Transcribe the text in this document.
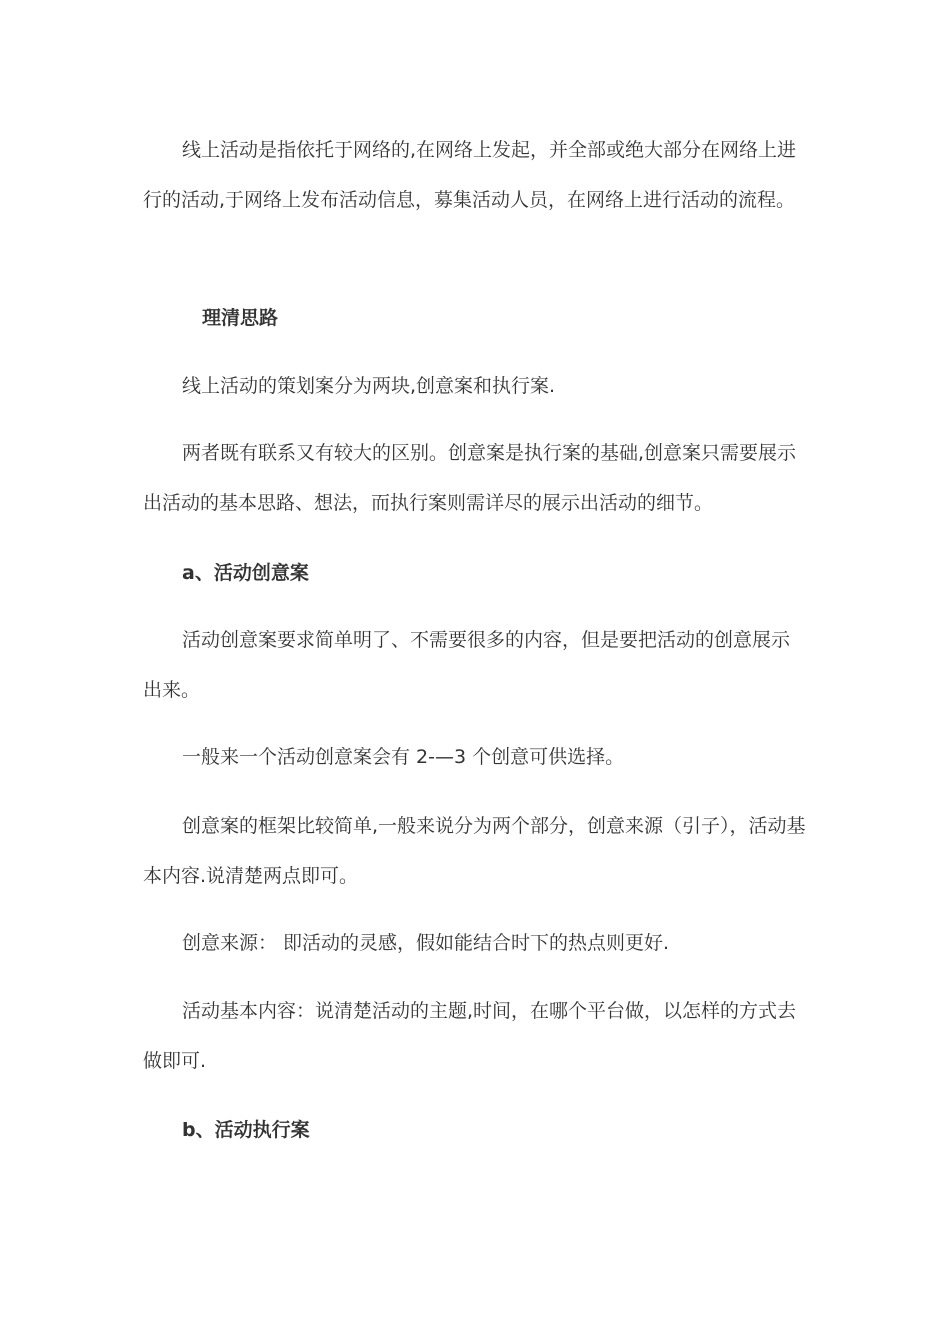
线上活动是指依托于网络的,在网络上发起，并全部或绝大部分在网络上进行的活动,于网络上发布活动信息，募集活动人员，在网络上进行活动的流程。

理清思路

线上活动的策划案分为两块,创意案和执行案.

两者既有联系又有较大的区别。创意案是执行案的基础,创意案只需要展示出活动的基本思路、想法，而执行案则需详尽的展示出活动的细节。

a、活动创意案

活动创意案要求简单明了、不需要很多的内容，但是要把活动的创意展示出来。

一般来一个活动创意案会有 2-—3 个创意可供选择。

创意案的框架比较简单,一般来说分为两个部分，创意来源（引子），活动基本内容.说清楚两点即可。

创意来源： 即活动的灵感，假如能结合时下的热点则更好.

活动基本内容：说清楚活动的主题,时间，在哪个平台做，以怎样的方式去做即可.

b、活动执行案
